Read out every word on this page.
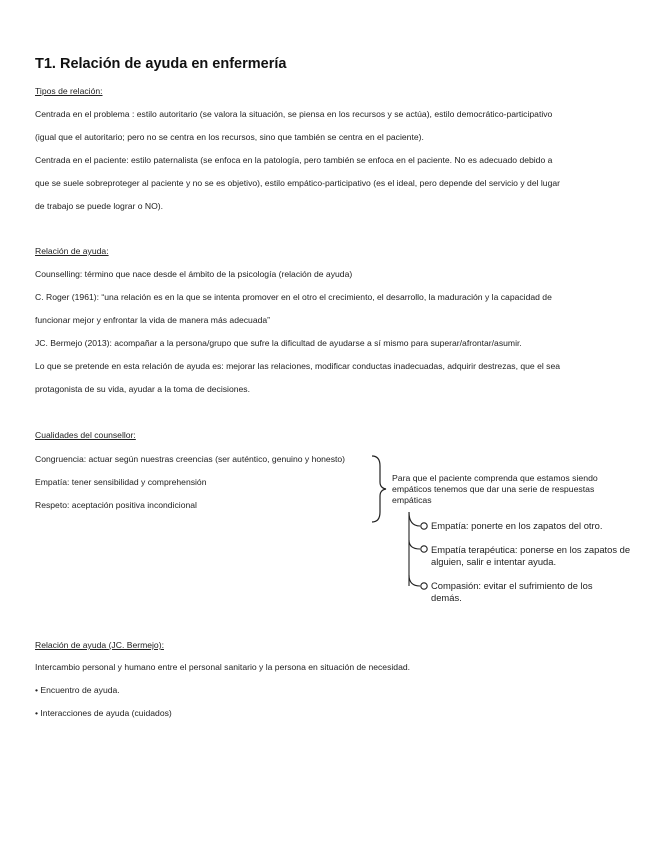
T1. Relación de ayuda en enfermería
Tipos de relación:
Centrada en el problema : estilo autoritario (se valora la situación, se piensa en los recursos y se actúa), estilo democrático-participativo
(igual que el autoritario; pero no se centra en los recursos, sino que también se centra en el paciente).
Centrada en el paciente: estilo paternalista (se enfoca en la patología, pero también se enfoca en el paciente. No es adecuado debido a
que se suele sobreproteger al paciente y no se es objetivo), estilo empático-participativo (es el ideal, pero depende del servicio y del lugar
de trabajo se puede lograr o NO).
Relación de ayuda:
Counselling: término que nace desde el ámbito de la psicología (relación de ayuda)
C. Roger (1961): “una relación es en la que se intenta promover en el otro el crecimiento, el desarrollo, la maduración y la capacidad de
funcionar mejor y enfrontar la vida de manera más adecuada”
JC. Bermejo (2013): acompañar a la persona/grupo que sufre la dificultad de ayudarse a sí mismo para superar/afrontar/asumir.
Lo que se pretende en esta relación de ayuda es: mejorar las relaciones, modificar conductas inadecuadas, adquirir destrezas, que el sea
protagonista de su vida, ayudar a la toma de decisiones.
Cualidades del counsellor:
Congruencia: actuar según nuestras creencias (ser auténtico, genuino y honesto)
Empatía: tener sensibilidad y comprehensión
Respeto: aceptación positiva incondicional
Para que el paciente comprenda que estamos siendo empáticos tenemos que dar una serie de respuestas empáticas
Empatía: ponerte en los zapatos del otro.
Empatía terapéutica: ponerse en los zapatos de alguien, salir e intentar ayuda.
Compasión: evitar el sufrimiento de los demás.
Relación de ayuda (JC. Bermejo):
Intercambio personal y humano entre el personal sanitario y la persona en situación de necesidad.
• Encuentro de ayuda.
• Interacciones de ayuda (cuidados)
